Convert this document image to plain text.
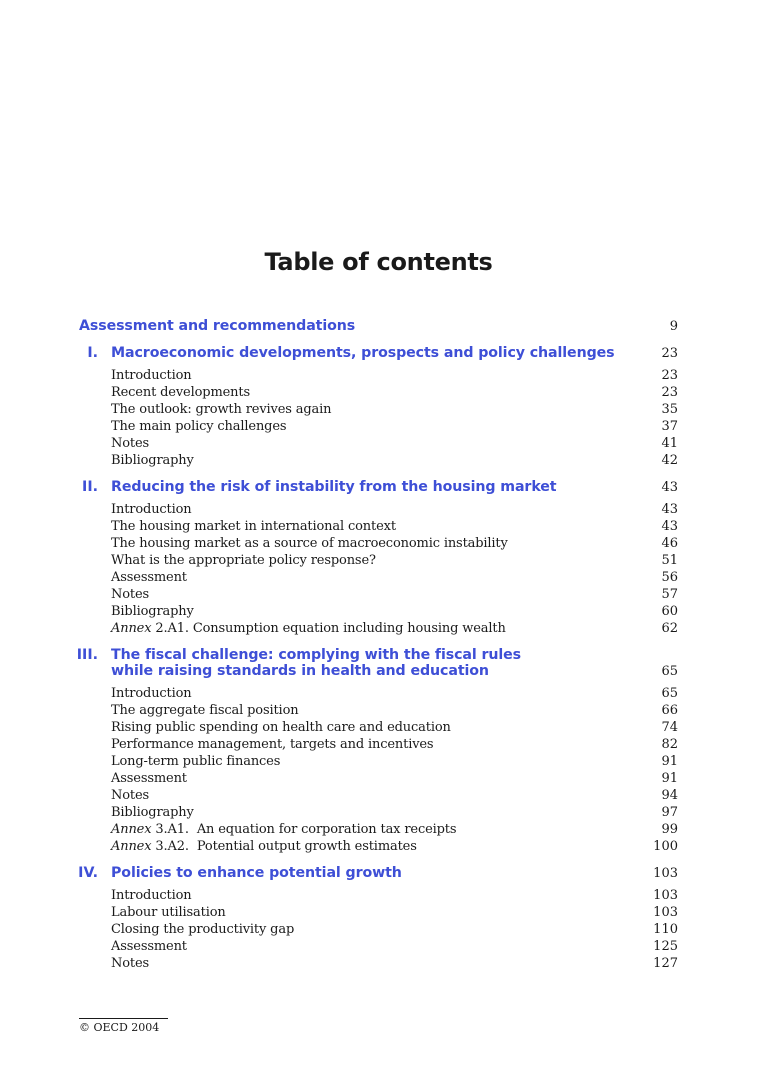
Table of contents
Assessment and recommendations	9
I. Macroeconomic developments, prospects and policy challenges	23
Introduction	23
Recent developments	23
The outlook: growth revives again	35
The main policy challenges	37
Notes	41
Bibliography	42
II. Reducing the risk of instability from the housing market	43
Introduction	43
The housing market in international context	43
The housing market as a source of macroeconomic instability	46
What is the appropriate policy response?	51
Assessment	56
Notes	57
Bibliography	60
Annex 2.A1. Consumption equation including housing wealth	62
III. The fiscal challenge: complying with the fiscal rules
while raising standards in health and education	65
Introduction	65
The aggregate fiscal position	66
Rising public spending on health care and education	74
Performance management, targets and incentives	82
Long-term public finances	91
Assessment	91
Notes	94
Bibliography	97
Annex 3.A1.  An equation for corporation tax receipts	99
Annex 3.A2.  Potential output growth estimates	100
IV. Policies to enhance potential growth	103
Introduction	103
Labour utilisation	103
Closing the productivity gap	110
Assessment	125
Notes	127
© OECD 2004
